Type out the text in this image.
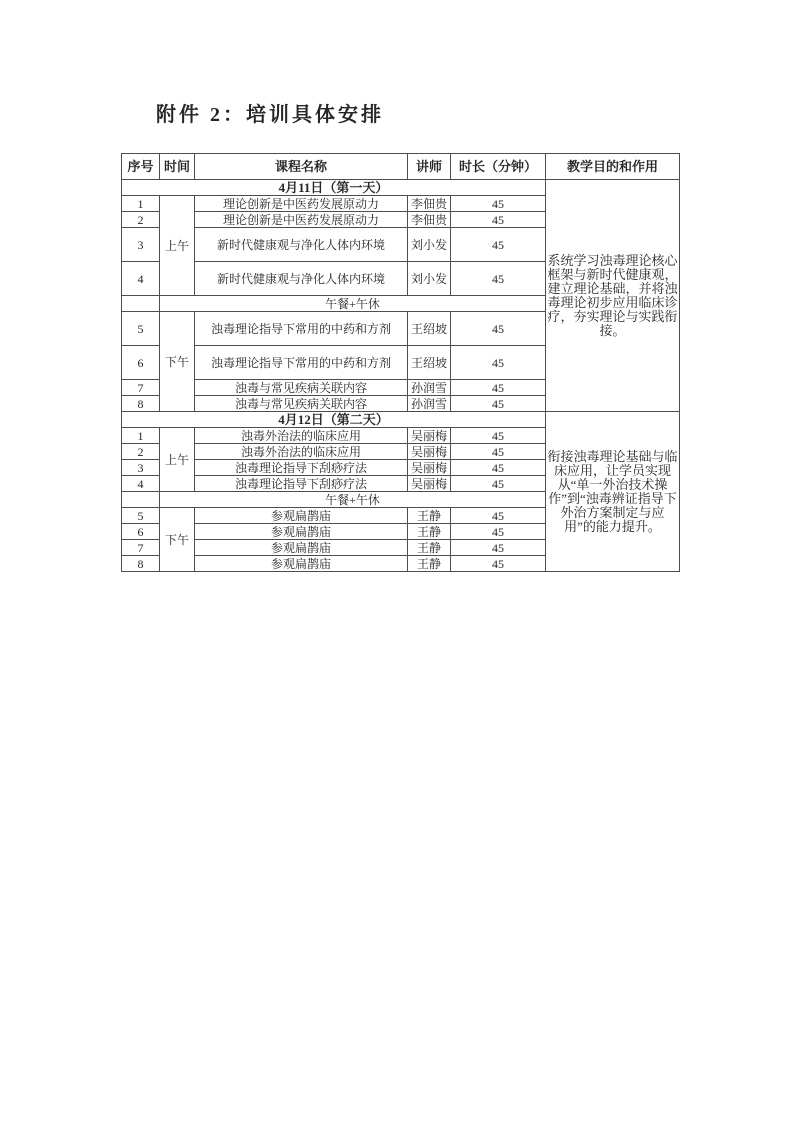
附件 2：培训具体安排
序号	时间	课程名称	讲师	时长（分钟）	教学目的和作用
4月11日（第一天）					系统学习浊毒理论核心框架与新时代健康观，建立理论基础，并将浊毒理论初步应用临床诊疗，夯实理论与实践衔接。
1	上午	理论创新是中医药发展原动力	李佃贵	45	
2		理论创新是中医药发展原动力	李佃贵	45	
3		新时代健康观与净化人体内环境	刘小发	45	
4		新时代健康观与净化人体内环境	刘小发	45	
	午餐+午休				
5	下午	浊毒理论指导下常用的中药和方剂	王绍坡	45	
6		浊毒理论指导下常用的中药和方剂	王绍坡	45	
7		浊毒与常见疾病关联内容	孙润雪	45	
8		浊毒与常见疾病关联内容	孙润雪	45	
4月12日（第二天）					衔接浊毒理论基础与临床应用，让学员实现从“单一外治技术操作”到“浊毒辨证指导下外治方案制定与应用”的能力提升。
1	上午	浊毒外治法的临床应用	吴丽梅	45	
2		浊毒外治法的临床应用	吴丽梅	45	
3		浊毒理论指导下刮痧疗法	吴丽梅	45	
4		浊毒理论指导下刮痧疗法	吴丽梅	45	
	午餐+午休				
5	下午	参观扁鹊庙	王静	45	
6		参观扁鹊庙	王静	45	
7		参观扁鹊庙	王静	45	
8		参观扁鹊庙	王静	45	
